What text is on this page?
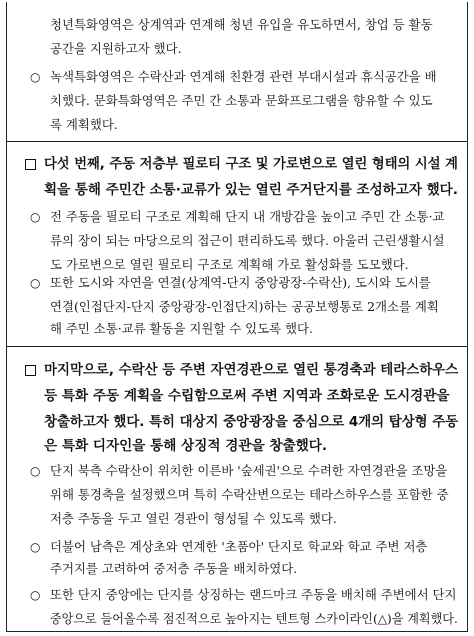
청년특화영역은 상계역과 연계해 청년 유입을 유도하면서, 창업 등 활동
공간을 지원하고자 했다.
○ 녹색특화영역은 수락산과 연계해 친환경 관련 부대시설과 휴식공간을 배
치했다. 문화특화영역은 주민 간 소통과 문화프로그램을 향유할 수 있도
록 계획했다.
다섯 번째, 주동 저층부 필로티 구조 및 가로변으로 열린 형태의 시설 계
획을 통해 주민간 소통·교류가 있는 열린 주거단지를 조성하고자 했다.
○ 전 주동을 필로티 구조로 계획해 단지 내 개방감을 높이고 주민 간 소통·교
류의 장이 되는 마당으로의 접근이 편리하도록 했다. 아울러 근린생활시설
도 가로변으로 열린 필로티 구조로 계획해 가로 활성화를 도모했다.
○ 또한 도시와 자연을 연결(상계역-단지 중앙광장-수락산), 도시와 도시를
연결(인접단지-단지 중앙광장-인접단지)하는 공공보행통로 2개소를 계획
해 주민 소통·교류 활동을 지원할 수 있도록 했다.
마지막으로, 수락산 등 주변 자연경관으로 열린 통경축과 테라스하우스
등 특화 주동 계획을 수립함으로써 주변 지역과 조화로운 도시경관을
창출하고자 했다. 특히 대상지 중앙광장을 중심으로 4개의 탑상형 주동
은 특화 디자인을 통해 상징적 경관을 창출했다.
○ 단지 북측 수락산이 위치한 이른바 '숲세권'으로 수려한 자연경관을 조망을
위해 통경축을 설정했으며 특히 수락산변으로는 테라스하우스를 포함한 중
저층 주동을 두고 열린 경관이 형성될 수 있도록 했다.
○ 더불어 남측은 계상초와 연계한 '초품아' 단지로 학교와 학교 주변 저층
주거지를 고려하여 중저층 주동을 배치하였다.
○ 또한 단지 중앙에는 단지를 상징하는 랜드마크 주동을 배치해 주변에서 단지
중앙으로 들어올수록 점진적으로 높아지는 텐트형 스카이라인(△)을 계획했다.
